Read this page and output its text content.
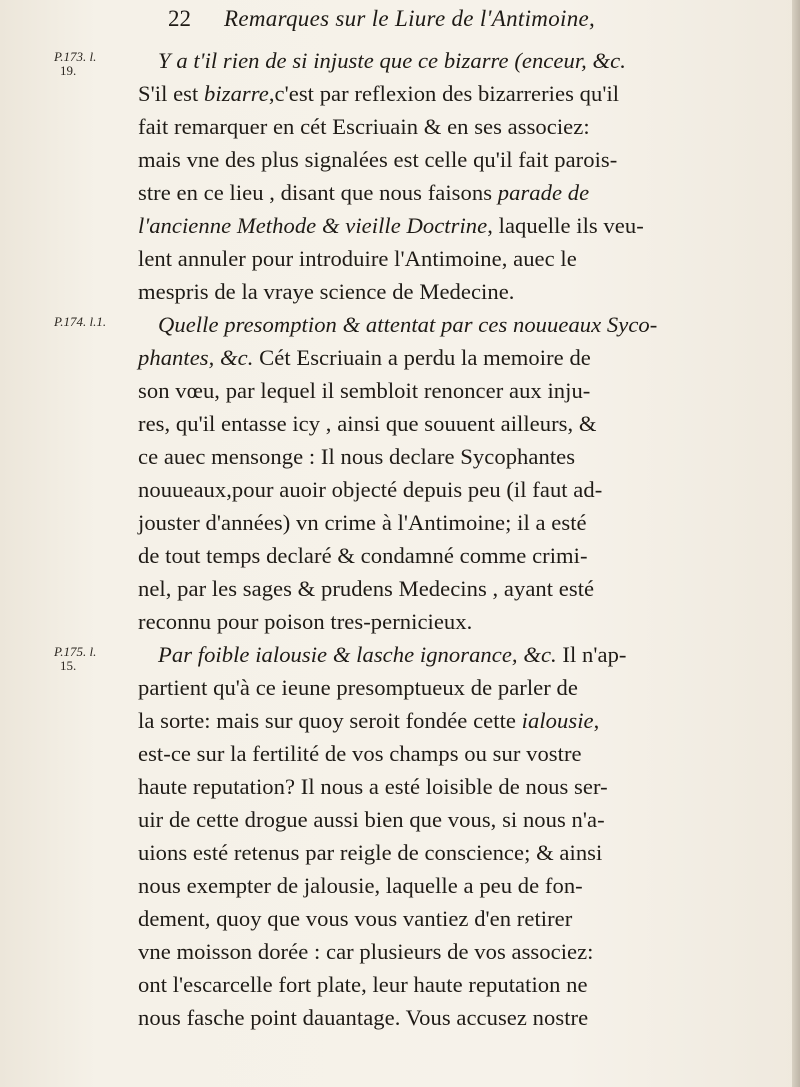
22 Remarques sur le Liure de l'Antimoine,
P.173. l.
19.
P.174. l.1.
P.175. l.
15.
Y a t'il rien de si injuste que ce bizarre (enceur, &c.
S'il est bizarre,c'est par reflexion des bizarreries qu'il
fait remarquer en cét Escriuain & en ses associez:
mais vne des plus signalées est celle qu'il fait parois-
stre en ce lieu , disant que nous faisons parade de
l'ancienne Methode & vieille Doctrine, laquelle ils veu-
lent annuler pour introduire l'Antimoine, auec le
mespris de la vraye science de Medecine.
Quelle presomption & attentat par ces nouueaux Syco-
phantes, &c. Cét Escriuain a perdu la memoire de
son vœu, par lequel il sembloit renoncer aux inju-
res, qu'il entasse icy , ainsi que souuent ailleurs, &
ce auec mensonge : Il nous declare Sycophantes
nouueaux,pour auoir objecté depuis peu (il faut ad-
jouster d'années) vn crime à l'Antimoine; il a esté
de tout temps declaré & condamné comme crimi-
nel, par les sages & prudens Medecins , ayant esté
reconnu pour poison tres-pernicieux.
Par foible ialousie & lasche ignorance, &c. Il n'ap-
partient qu'à ce ieune presomptueux de parler de
la sorte: mais sur quoy seroit fondée cette ialousie,
est-ce sur la fertilité de vos champs ou sur vostre
haute reputation? Il nous a esté loisible de nous ser-
uir de cette drogue aussi bien que vous, si nous n'a-
uions esté retenus par reigle de conscience; & ainsi
nous exempter de jalousie, laquelle a peu de fon-
dement, quoy que vous vous vantiez d'en retirer
vne moisson dorée : car plusieurs de vos associez:
ont l'escarcelle fort plate, leur haute reputation ne
nous fasche point dauantage. Vous accusez nostre
